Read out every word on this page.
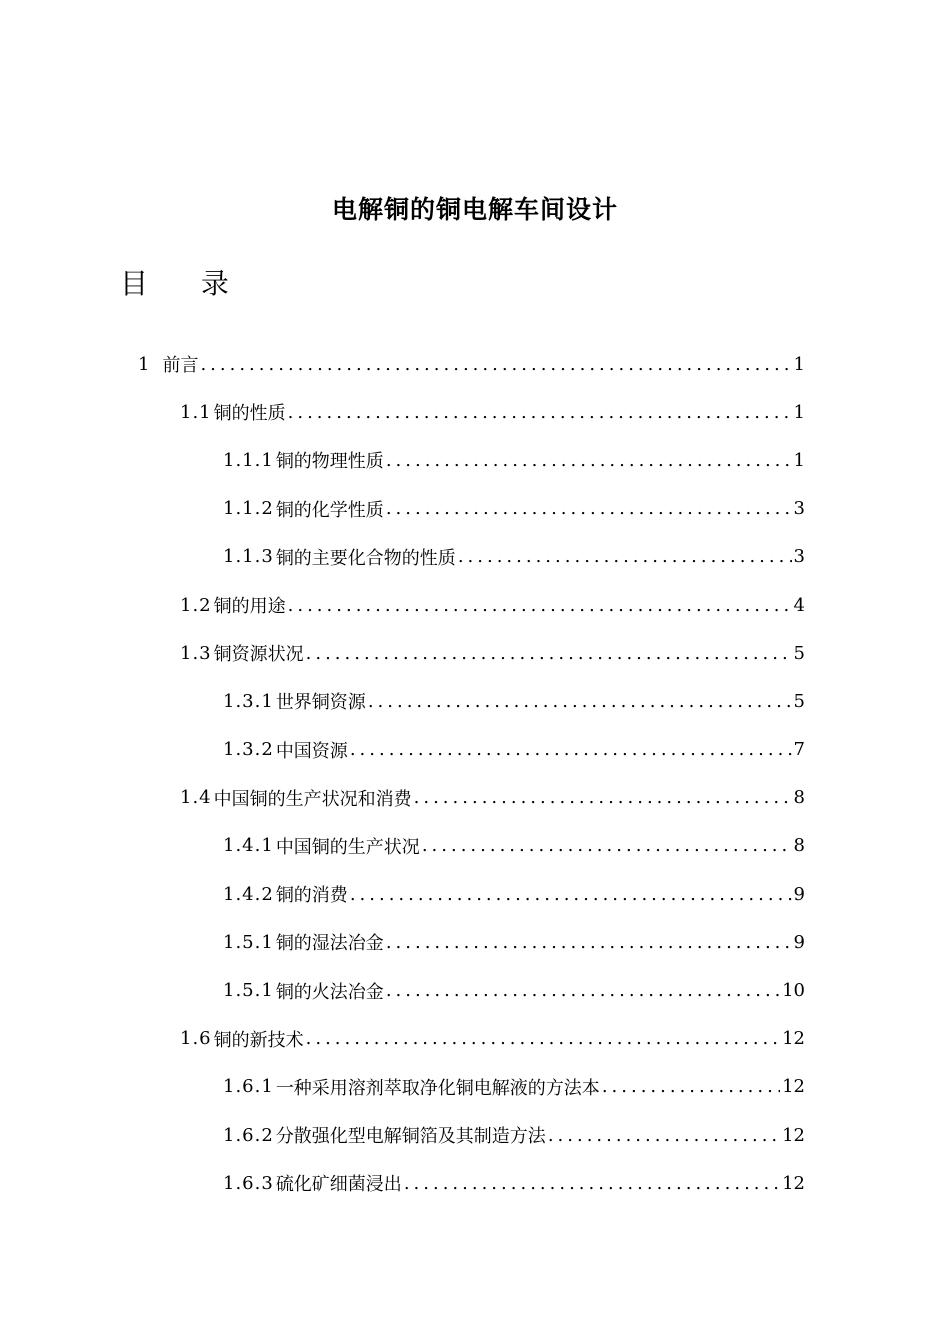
电解铜的铜电解车间设计
目 录
1 前言 .....	1
1.1 铜的性质 .....	1
1.1.1 铜的物理性质 .....	1
1.1.2 铜的化学性质 .....	3
1.1.3 铜的主要化合物的性质 .....	3
1.2 铜的用途 .....	4
1.3 铜资源状况 .....	5
1.3.1 世界铜资源 .....	5
1.3.2 中国资源 .....	7
1.4 中国铜的生产状况和消费 .....	8
1.4.1 中国铜的生产状况 .....	8
1.4.2 铜的消费 .....	9
1.5.1 铜的湿法冶金 .....	9
1.5.1 铜的火法冶金 .....	10
1.6 铜的新技术 .....	12
1.6.1 一种采用溶剂萃取净化铜电解液的方法本 .....	12
1.6.2 分散强化型电解铜箔及其制造方法 .....	12
1.6.3 硫化矿细菌浸出 .....	12
